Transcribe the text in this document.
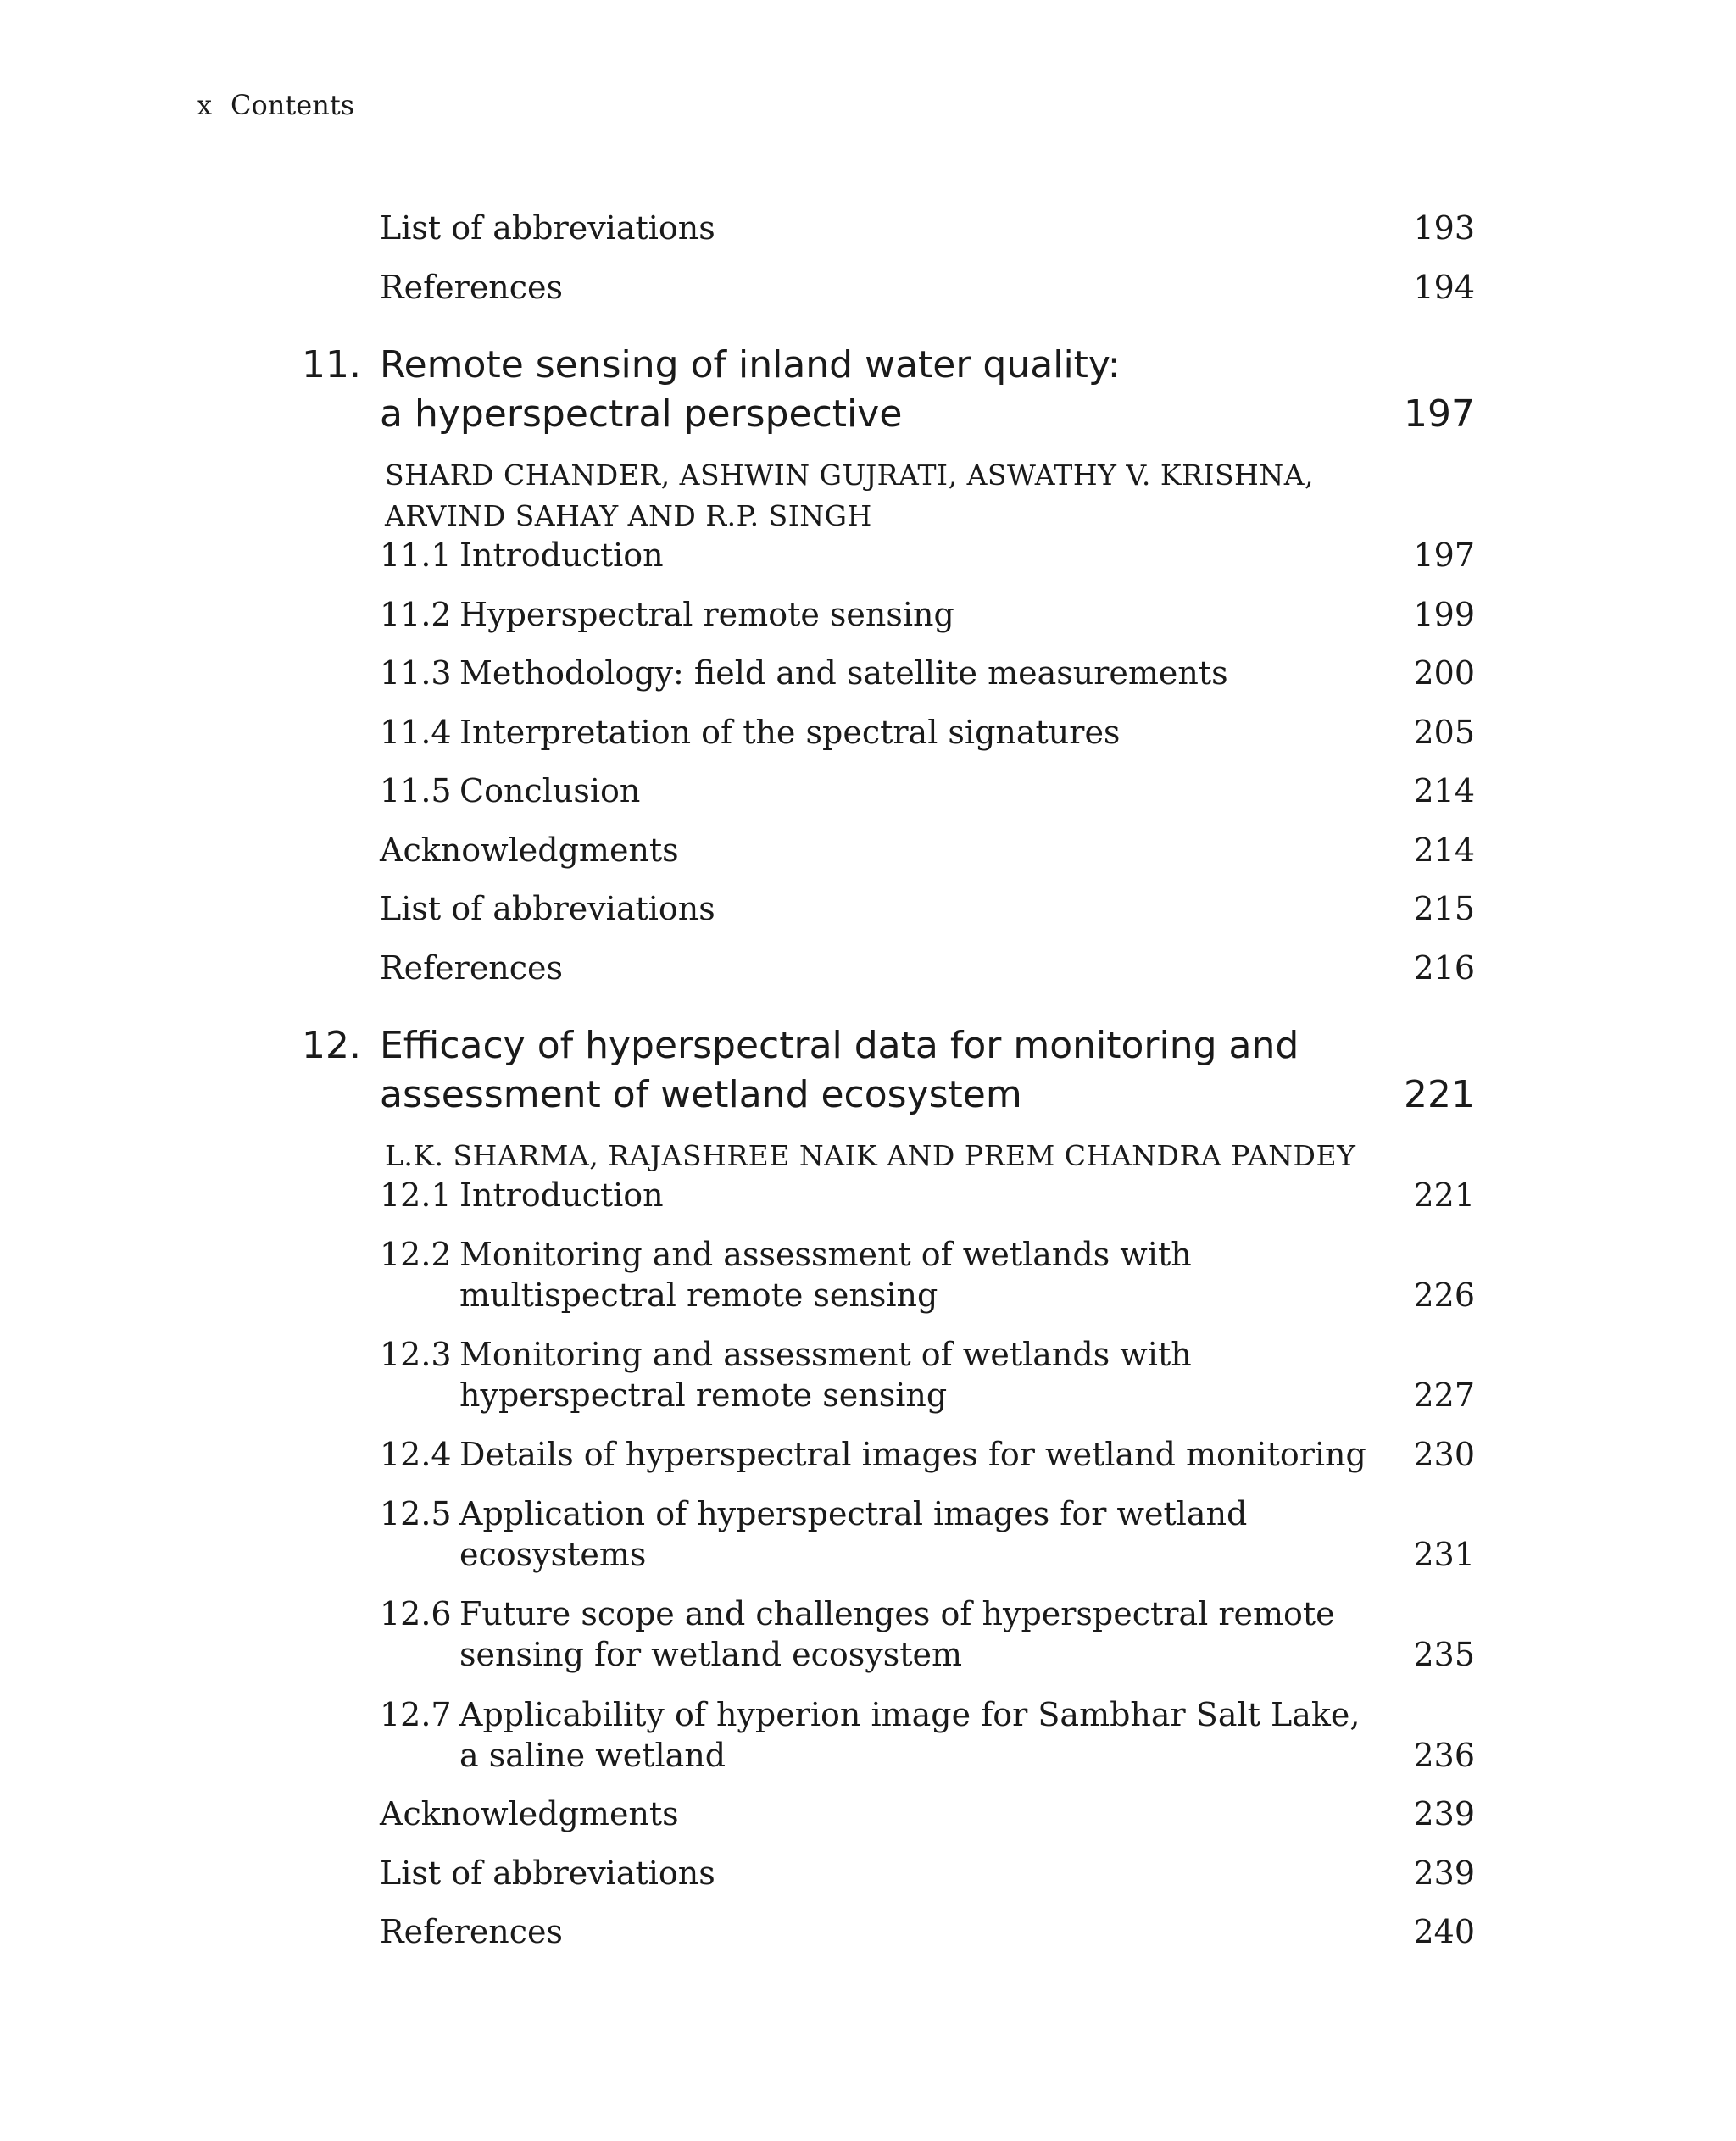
x Contents
List of abbreviations	193
References	194
11. Remote sensing of inland water quality:
a hyperspectral perspective	197
SHARD CHANDER, ASHWIN GUJRATI, ASWATHY V. KRISHNA,
ARVIND SAHAY AND R.P. SINGH
11.1 Introduction	197
11.2 Hyperspectral remote sensing	199
11.3 Methodology: field and satellite measurements	200
11.4 Interpretation of the spectral signatures	205
11.5 Conclusion	214
Acknowledgments	214
List of abbreviations	215
References	216
12. Efficacy of hyperspectral data for monitoring and
assessment of wetland ecosystem	221
L.K. SHARMA, RAJASHREE NAIK AND PREM CHANDRA PANDEY
12.1 Introduction	221
12.2 Monitoring and assessment of wetlands with
multispectral remote sensing	226
12.3 Monitoring and assessment of wetlands with
hyperspectral remote sensing	227
12.4 Details of hyperspectral images for wetland monitoring 230
12.5 Application of hyperspectral images for wetland
ecosystems	231
12.6 Future scope and challenges of hyperspectral remote
sensing for wetland ecosystem	235
12.7 Applicability of hyperion image for Sambhar Salt Lake,
a saline wetland	236
Acknowledgments	239
List of abbreviations	239
References	240
